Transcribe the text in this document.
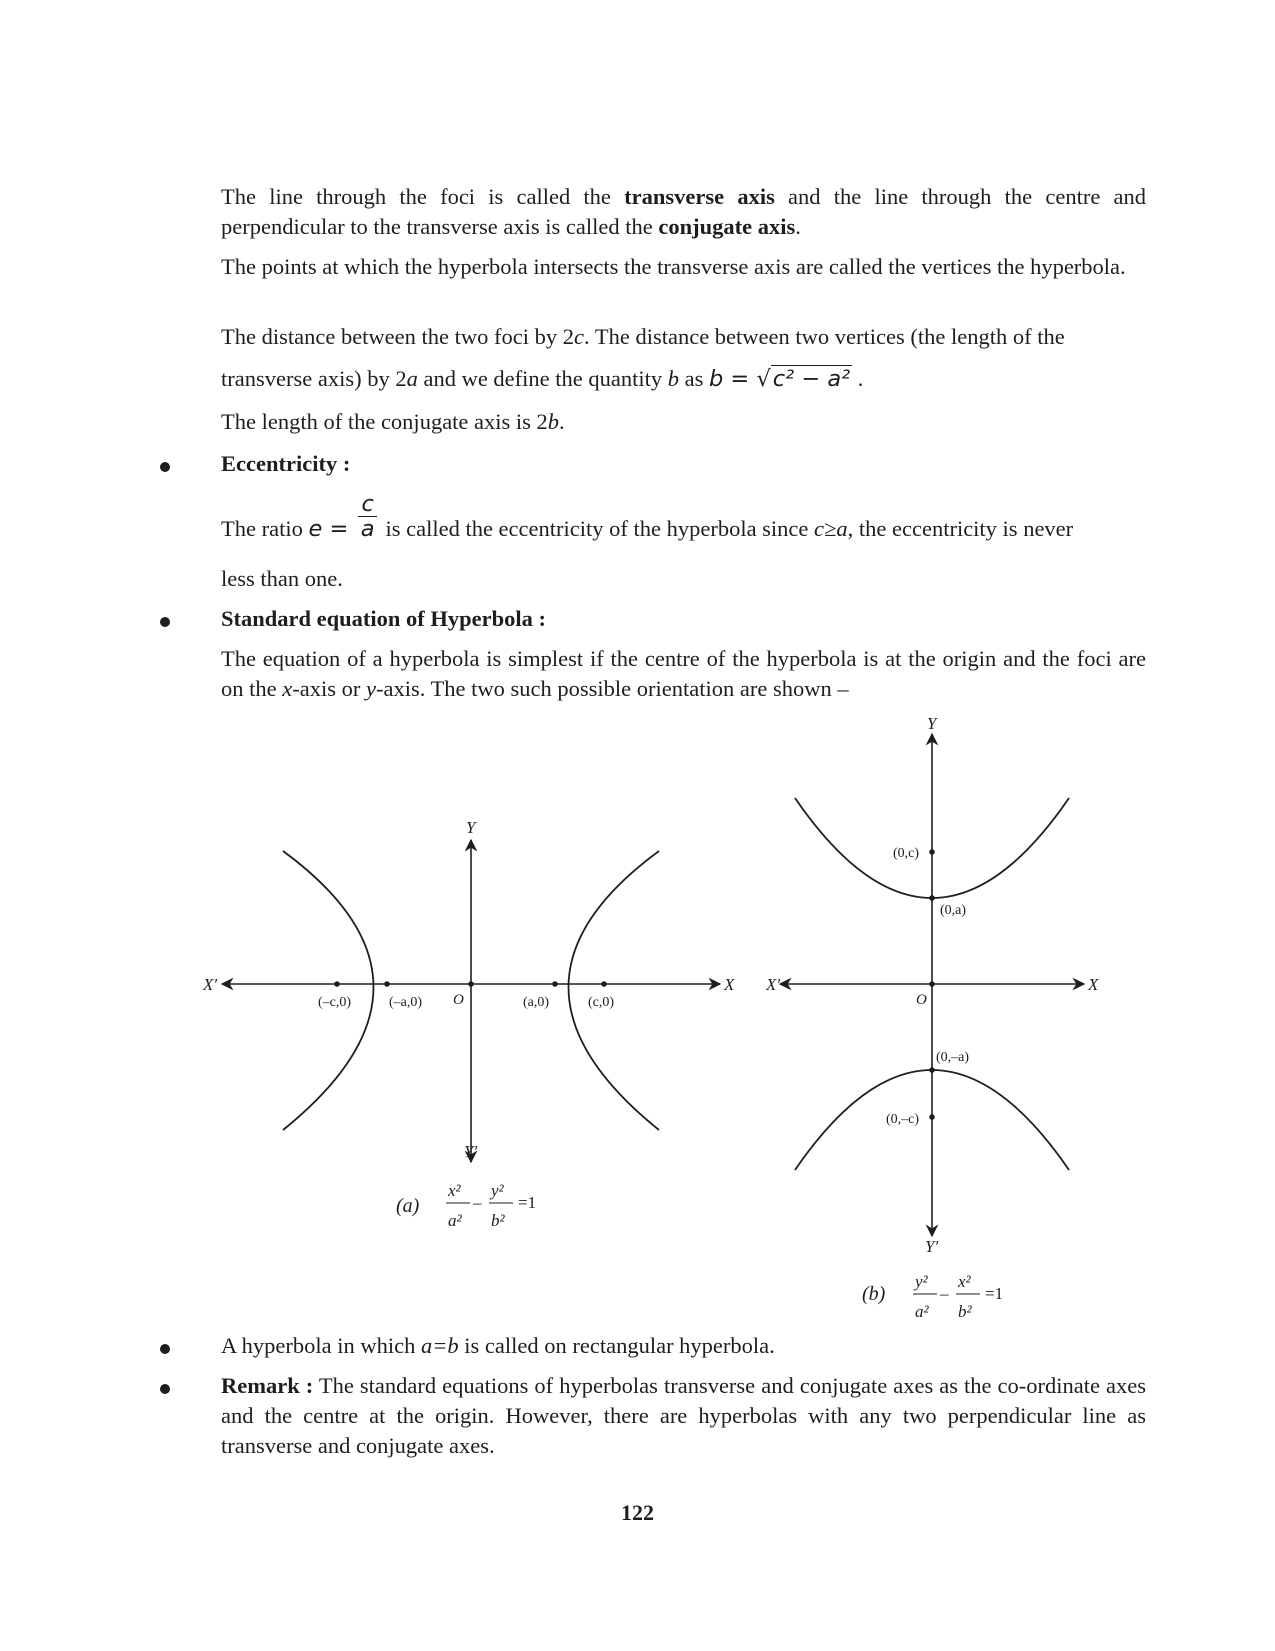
The line through the foci is called the transverse axis and the line through the centre and perpendicular to the transverse axis is called the conjugate axis.

The points at which the hyperbola intersects the transverse axis are called the vertices the hyperbola.

The distance between the two foci by 2c. The distance between two vertices (the length of the

transverse axis) by 2a and we define the quantity b as b = √c² − a² .

The length of the conjugate axis is 2b.

Eccentricity :

The ratio $e = \frac{c}{a}$ is called the eccentricity of the hyperbola since c≥a, the eccentricity is never

less than one.

Standard equation of Hyperbola :

The equation of a hyperbola is simplest if the centre of the hyperbola is at the origin and the foci are on the x-axis or y-axis. The two such possible orientation are shown –

X′	X
Y
Y′
O
(–c,0)	(–a,0)	(a,0)	(c,0)
(a)
x²
a²
–
y²
b²
=1
X′	X
Y
Y′
O
(0,c)
(0,a)
(0,–a)
(0,–c)
(b)
y²
a²
–
x²
b²
=1

A hyperbola in which a=b is called on rectangular hyperbola.

Remark : The standard equations of hyperbolas transverse and conjugate axes as the co-ordinate axes and the centre at the origin. However, there are hyperbolas with any two perpendicular line as transverse and conjugate axes.

122
